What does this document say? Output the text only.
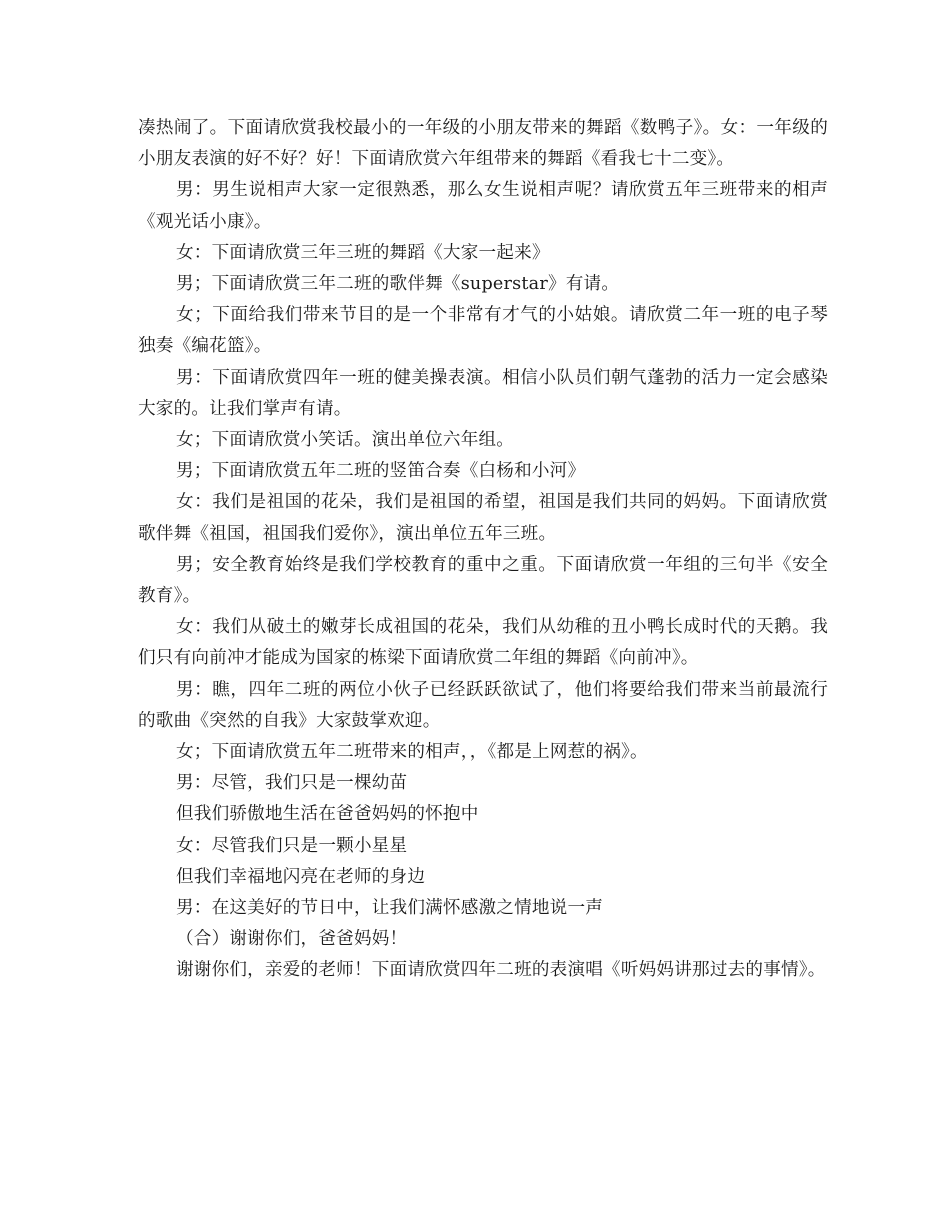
凑热闹了。下面请欣赏我校最小的一年级的小朋友带来的舞蹈《数鸭子》。女：一年级的小朋友表演的好不好？好！下面请欣赏六年组带来的舞蹈《看我七十二变》。

男：男生说相声大家一定很熟悉，那么女生说相声呢？请欣赏五年三班带来的相声《观光话小康》。

女：下面请欣赏三年三班的舞蹈《大家一起来》

男；下面请欣赏三年二班的歌伴舞《superstar》有请。

女；下面给我们带来节目的是一个非常有才气的小姑娘。请欣赏二年一班的电子琴独奏《编花篮》。

男：下面请欣赏四年一班的健美操表演。相信小队员们朝气蓬勃的活力一定会感染大家的。让我们掌声有请。

女；下面请欣赏小笑话。演出单位六年组。

男；下面请欣赏五年二班的竖笛合奏《白杨和小河》

女：我们是祖国的花朵，我们是祖国的希望，祖国是我们共同的妈妈。下面请欣赏歌伴舞《祖国，祖国我们爱你》，演出单位五年三班。

男；安全教育始终是我们学校教育的重中之重。下面请欣赏一年组的三句半《安全教育》。

女：我们从破土的嫩芽长成祖国的花朵，我们从幼稚的丑小鸭长成时代的天鹅。我们只有向前冲才能成为国家的栋梁下面请欣赏二年组的舞蹈《向前冲》。

男：瞧，四年二班的两位小伙子已经跃跃欲试了，他们将要给我们带来当前最流行的歌曲《突然的自我》大家鼓掌欢迎。

女；下面请欣赏五年二班带来的相声，，《都是上网惹的祸》。

男：尽管，我们只是一棵幼苗

但我们骄傲地生活在爸爸妈妈的怀抱中

女：尽管我们只是一颗小星星

但我们幸福地闪亮在老师的身边

男：在这美好的节日中，让我们满怀感激之情地说一声

（合）谢谢你们，爸爸妈妈！

谢谢你们，亲爱的老师！下面请欣赏四年二班的表演唱《听妈妈讲那过去的事情》。
